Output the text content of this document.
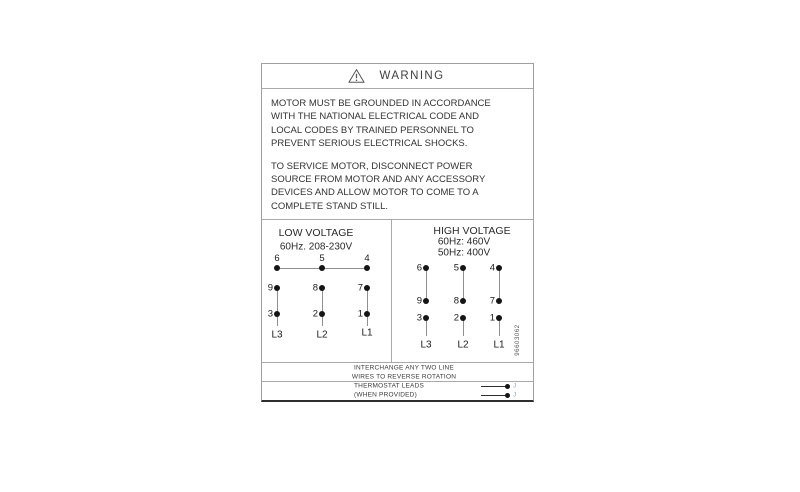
WARNING
MOTOR MUST BE GROUNDED IN ACCORDANCE
WITH THE NATIONAL ELECTRICAL CODE AND
LOCAL CODES BY TRAINED PERSONNEL TO
PREVENT SERIOUS ELECTRICAL SHOCKS.
TO SERVICE MOTOR, DISCONNECT POWER
SOURCE FROM MOTOR AND ANY ACCESSORY
DEVICES AND ALLOW MOTOR TO COME TO A
COMPLETE STAND STILL.
LOW VOLTAGE
60Hz. 208-230V
6	5	4
9	8	7
3	2	1
L3	L2	L1
HIGH VOLTAGE
60Hz: 460V
50Hz: 400V
6	5	4
9	8	7
3	2	1
L3	L2 L1 96603062
INTERCHANGE ANY TWO LINE
WIRES TO REVERSE ROTATION
THERMOSTAT LEADS
(WHEN PROVIDED)
J
J
